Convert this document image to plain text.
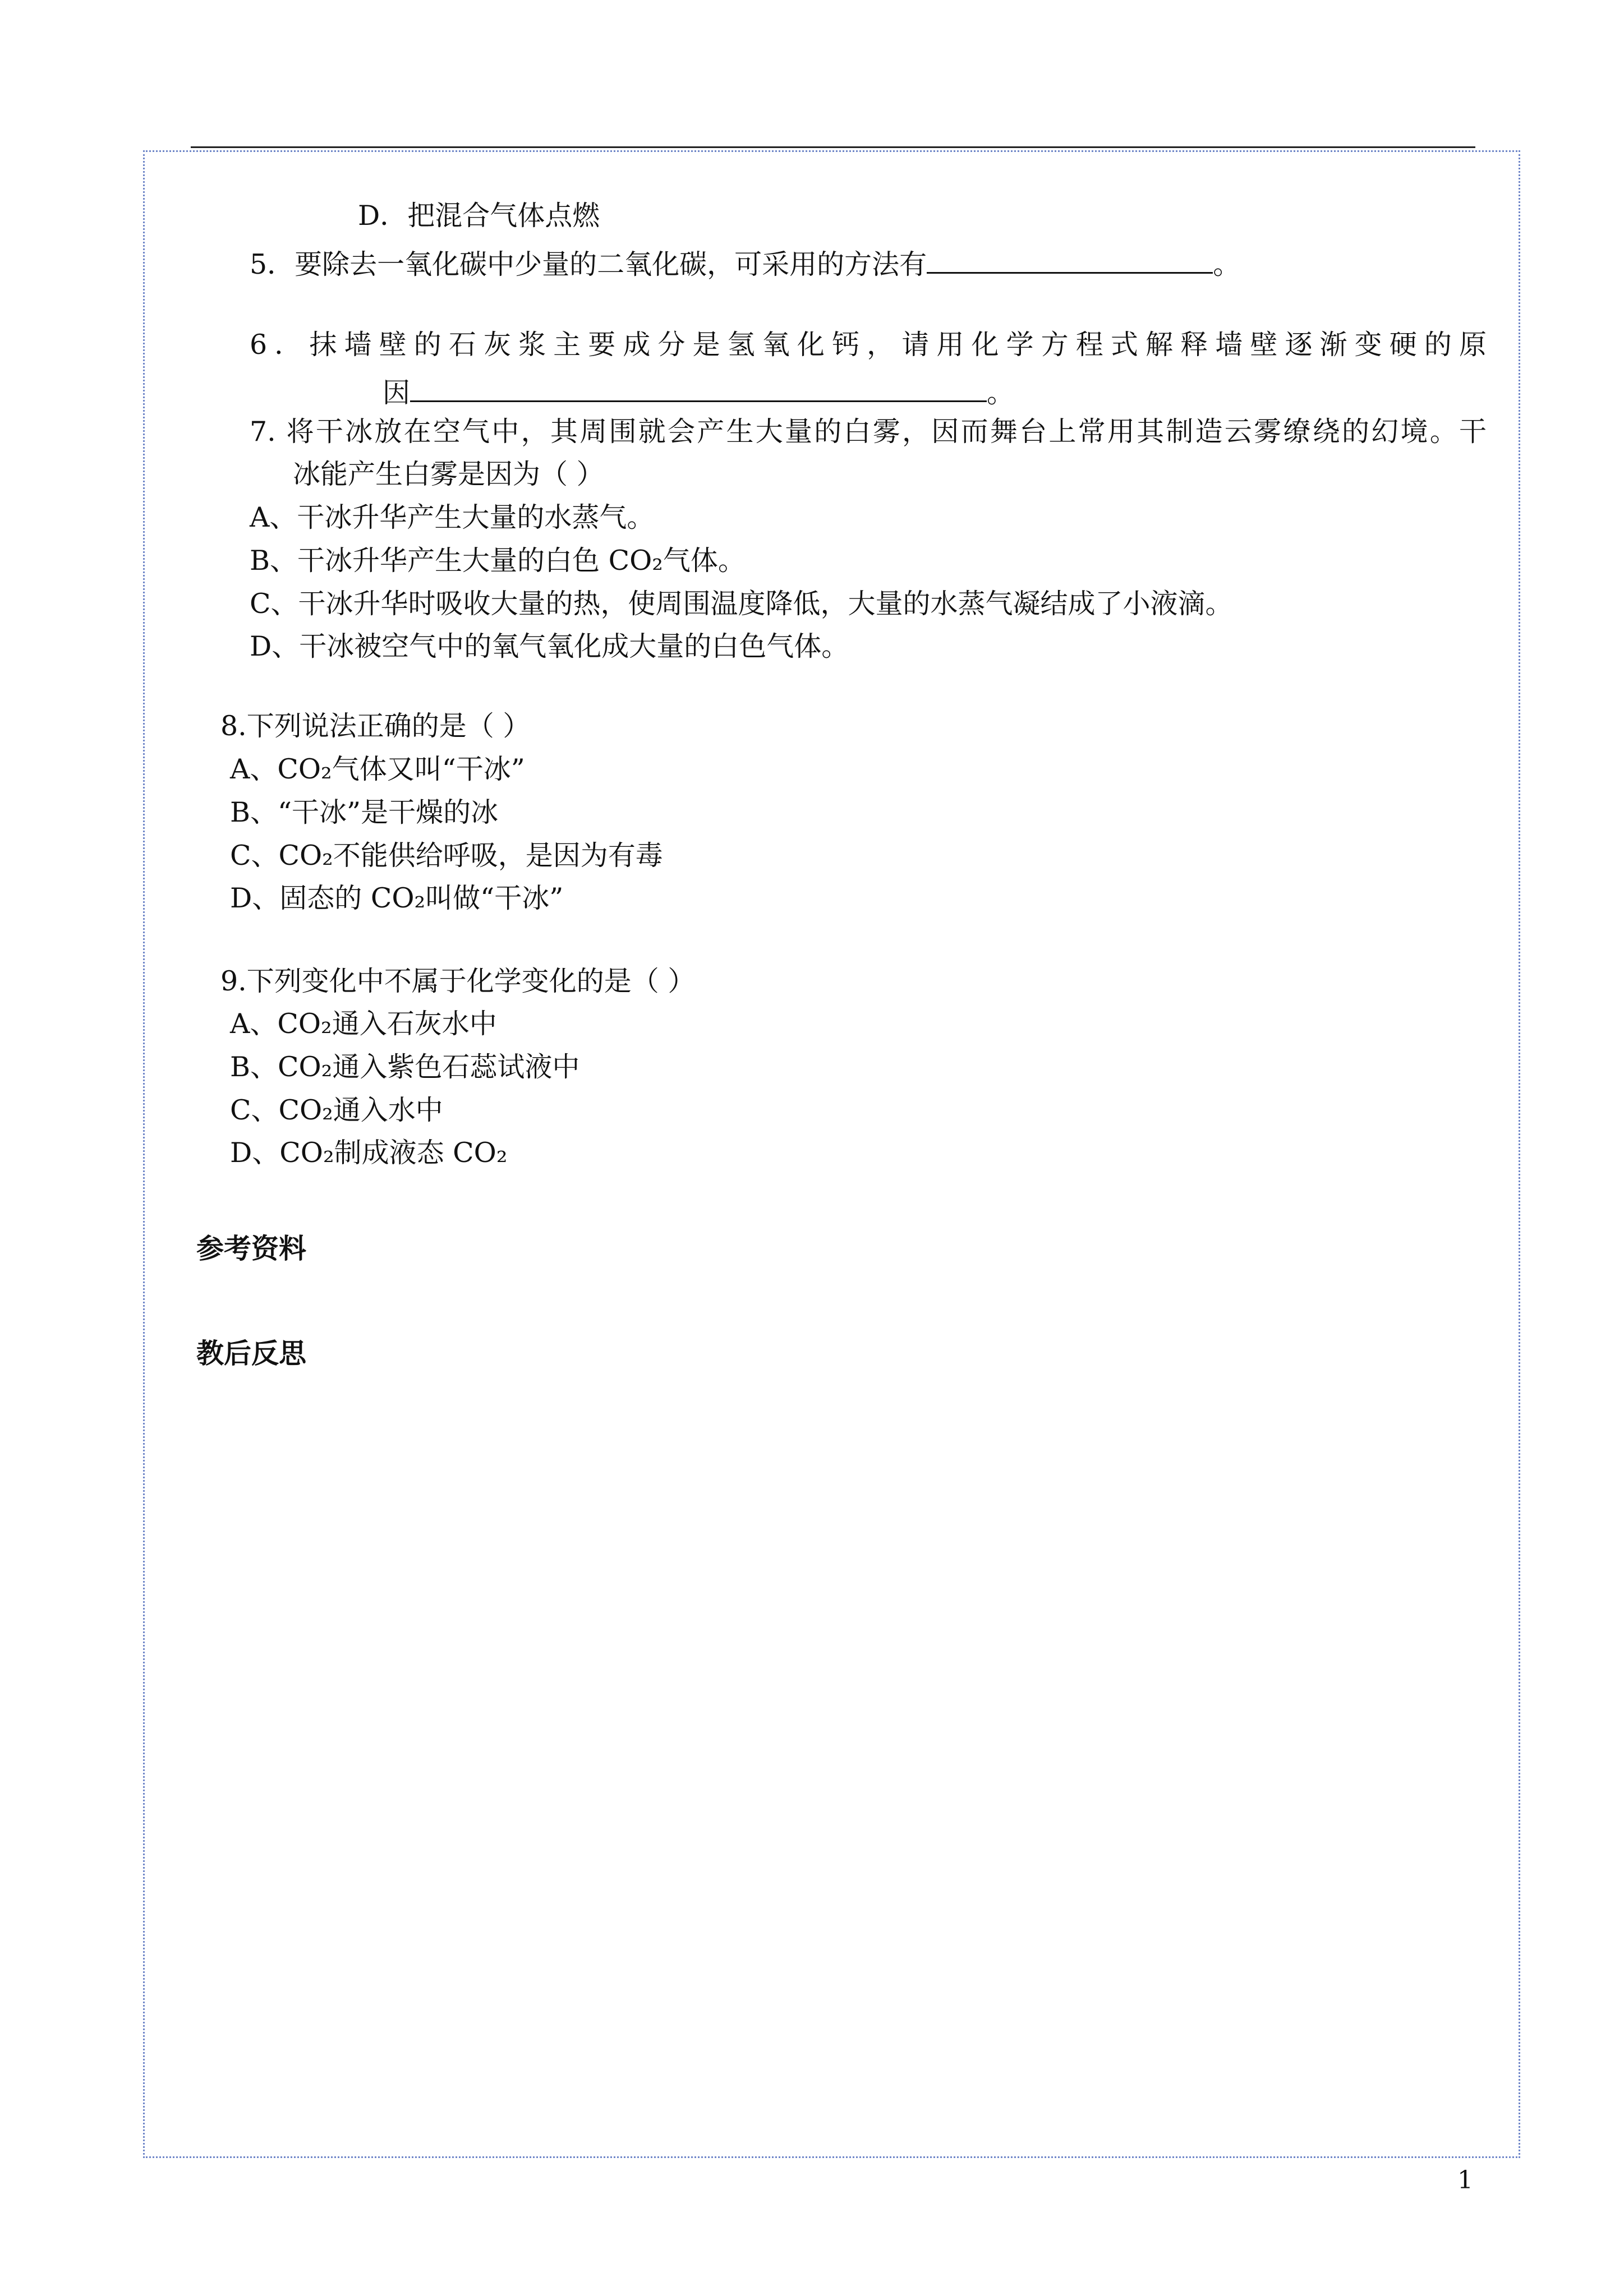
D．把混合气体点燃
5．要除去一氧化碳中少量的二氧化碳，可采用的方法有	。
6．抹墙壁的石灰浆主要成分是氢氧化钙，请用化学方程式解释墙壁逐渐变硬的原
因	。
7. 将干冰放在空气中，其周围就会产生大量的白雾，因而舞台上常用其制造云雾缭绕的幻境。干
冰能产生白雾是因为（ ）
A、干冰升华产生大量的水蒸气。
B、干冰升华产生大量的白色 CO₂气体。
C、干冰升华时吸收大量的热，使周围温度降低，大量的水蒸气凝结成了小液滴。
D、干冰被空气中的氧气氧化成大量的白色气体。
8.下列说法正确的是（ ）
A、CO₂气体又叫“干冰”
B、“干冰”是干燥的冰
C、CO₂不能供给呼吸，是因为有毒
D、固态的 CO₂叫做“干冰”
9.下列变化中不属于化学变化的是（ ）
A、CO₂通入石灰水中
B、CO₂通入紫色石蕊试液中
C、CO₂通入水中
D、CO₂制成液态 CO₂
参考资料
教后反思
1
